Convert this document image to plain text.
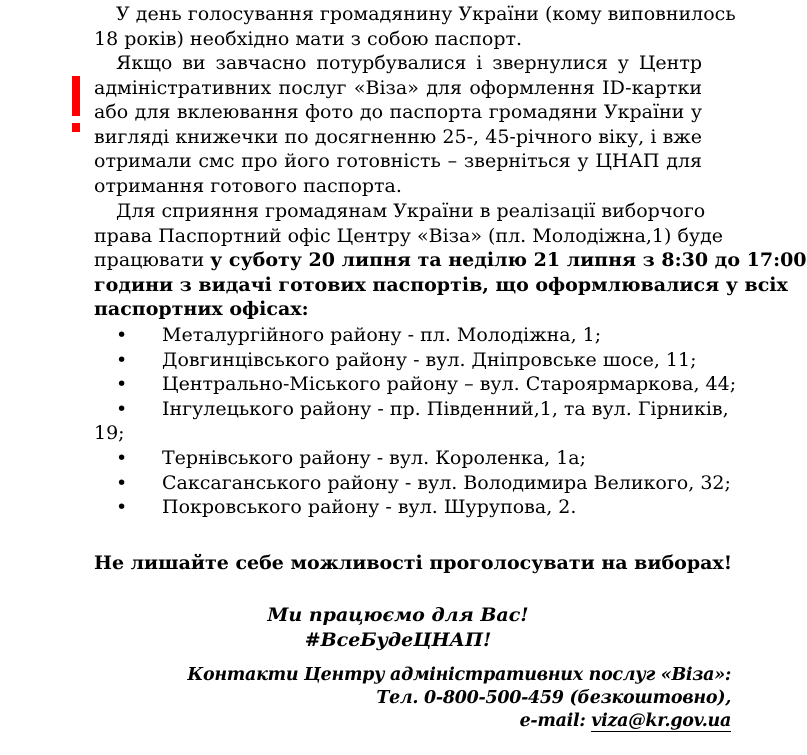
У день голосування громадянину України (кому виповнилось
18 років) необхідно мати з собою паспорт.
Якщо ви завчасно потурбувалися і звернулися у Центр
адміністративних послуг «Віза» для оформлення ID-картки
або для вклеювання фото до паспорта громадяни України у
вигляді книжечки по досягненню 25-, 45-річного віку, і вже
отримали смс про його готовність – зверніться у ЦНАП для
отримання готового паспорта.
Для сприяння громадянам України в реалізації виборчого
права Паспортний офіс Центру «Віза» (пл. Молодіжна,1) буде
працювати у суботу 20 липня та неділю 21 липня з 8:30 до 17:00
години з видачі готових паспортів, що оформлювалися у всіх
паспортних офісах:
• Металургійного району - пл. Молодіжна, 1;
• Довгинцівського району - вул. Дніпровське шосе, 11;
• Центрально-Міського району – вул. Староярмаркова, 44;
• Інгулецького району - пр. Південний,1, та вул. Гірників,
19;
• Тернівського району - вул. Короленка, 1а;
• Саксаганського району - вул. Володимира Великого, 32;
• Покровського району - вул. Шурупова, 2.
Не лишайте себе можливості проголосувати на виборах!
Ми працюємо для Вас!
#ВсеБудеЦНАП!
Контакти Центру адміністративних послуг «Віза»:
Тел. 0-800-500-459 (безкоштовно),
e-mail: viza@kr.gov.ua
